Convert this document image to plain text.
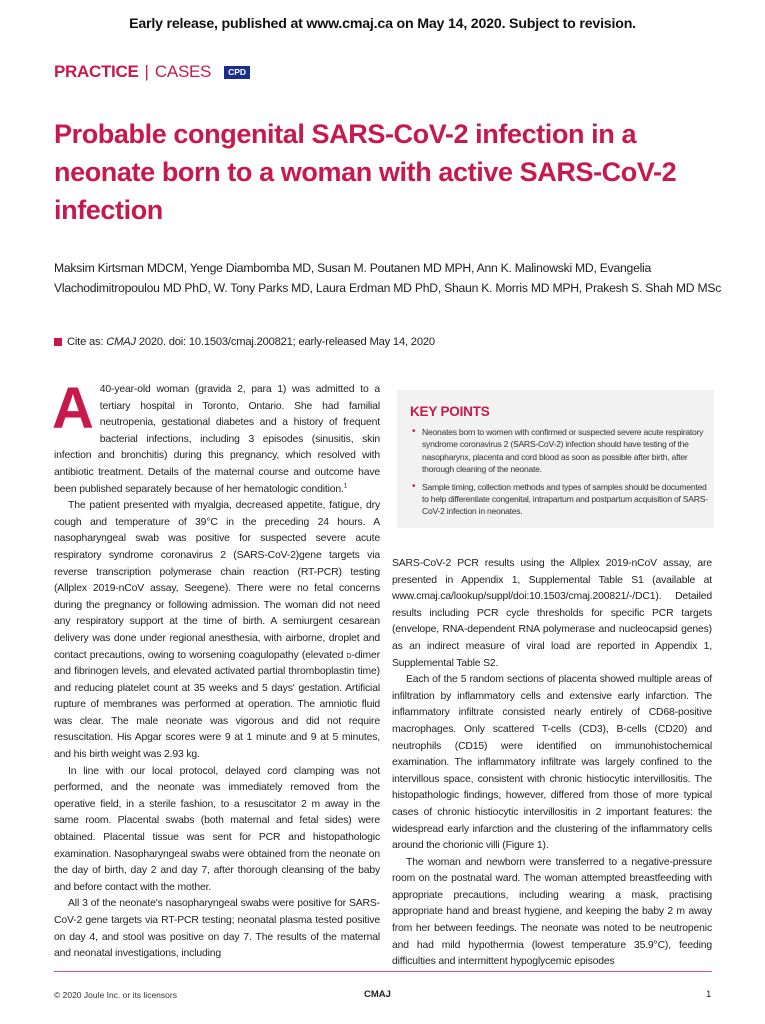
Early release, published at www.cmaj.ca on May 14, 2020. Subject to revision.
PRACTICE | CASES	CPD
Probable congenital SARS-CoV-2 infection in a neonate born to a woman with active SARS-CoV-2 infection
Maksim Kirtsman MDCM, Yenge Diambomba MD, Susan M. Poutanen MD MPH, Ann K. Malinowski MD, Evangelia Vlachodimitropoulou MD PhD, W. Tony Parks MD, Laura Erdman MD PhD, Shaun K. Morris MD MPH, Prakesh S. Shah MD MSc
Cite as: CMAJ 2020. doi: 10.1503/cmaj.200821; early-released May 14, 2020

A 40-year-old woman (gravida 2, para 1) was admitted to a tertiary hospital in Toronto, Ontario. She had familial neutropenia, gestational diabetes and a history of frequent bacterial infections, including 3 episodes (sinusitis, skin infection and bronchitis) during this pregnancy, which resolved with antibiotic treatment. Details of the maternal course and outcome have been published separately because of her hematologic condition.$^1$

The patient presented with myalgia, decreased appetite, fatigue, dry cough and temperature of 39°C in the preceding 24 hours. A nasopharyngeal swab was positive for suspected severe acute respiratory syndrome coronavirus 2 (SARS-CoV-2)gene targets via reverse transcription polymerase chain reaction (RT-PCR) testing (Allplex 2019-nCoV assay, Seegene). There were no fetal concerns during the pregnancy or following admission. The woman did not need any respiratory support at the time of birth. A semiurgent cesarean delivery was done under regional anesthesia, with airborne, droplet and contact precautions, owing to worsening coagulopathy (elevated d-dimer and fibrinogen levels, and elevated activated partial thromboplastin time) and reducing platelet count at 35 weeks and 5 days' gestation. Artificial rupture of membranes was performed at operation. The amniotic fluid was clear. The male neonate was vigorous and did not require resuscitation. His Apgar scores were 9 at 1 minute and 9 at 5 minutes, and his birth weight was 2.93 kg.

In line with our local protocol, delayed cord clamping was not performed, and the neonate was immediately removed from the operative field, in a sterile fashion, to a resuscitator 2 m away in the same room. Placental swabs (both maternal and fetal sides) were obtained. Placental tissue was sent for PCR and histopathologic examination. Nasopharyngeal swabs were obtained from the neonate on the day of birth, day 2 and day 7, after thorough cleansing of the baby and before contact with the mother.

All 3 of the neonate's nasopharyngeal swabs were positive for SARS-CoV-2 gene targets via RT-PCR testing; neonatal plasma tested positive on day 4, and stool was positive on day 7. The results of the maternal and neonatal investigations, including

KEY POINTS
• Neonates born to women with confirmed or suspected severe acute respiratory syndrome coronavirus 2 (SARS-CoV-2) infection should have testing of the nasopharynx, placenta and cord blood as soon as possible after birth, after thorough cleaning of the neonate.
• Sample timing, collection methods and types of samples should be documented to help differentiate congenital, intrapartum and postpartum acquisition of SARS-CoV-2 infection in neonates.

SARS-CoV-2 PCR results using the Allplex 2019-nCoV assay, are presented in Appendix 1, Supplemental Table S1 (available at www.cmaj.ca/lookup/suppl/doi:10.1503/cmaj.200821/-/DC1). Detailed results including PCR cycle thresholds for specific PCR targets (envelope, RNA-dependent RNA polymerase and nucleocapsid genes) as an indirect measure of viral load are reported in Appendix 1, Supplemental Table S2.

Each of the 5 random sections of placenta showed multiple areas of infiltration by inflammatory cells and extensive early infarction. The inflammatory infiltrate consisted nearly entirely of CD68-positive macrophages. Only scattered T-cells (CD3), B-cells (CD20) and neutrophils (CD15) were identified on immunohistochemical examination. The inflammatory infiltrate was largely confined to the intervillous space, consistent with chronic histiocytic intervillositis. The histopathologic findings, however, differed from those of more typical cases of chronic histiocytic intervillositis in 2 important features: the widespread early infarction and the clustering of the inflammatory cells around the chorionic villi (Figure 1).

The woman and newborn were transferred to a negative-pressure room on the postnatal ward. The woman attempted breastfeeding with appropriate precautions, including wearing a mask, practising appropriate hand and breast hygiene, and keeping the baby 2 m away from her between feedings. The neonate was noted to be neutropenic and had mild hypothermia (lowest temperature 35.9°C), feeding difficulties and intermittent hypoglycemic episodes

© 2020 Joule Inc. or its licensors	CMAJ	1
